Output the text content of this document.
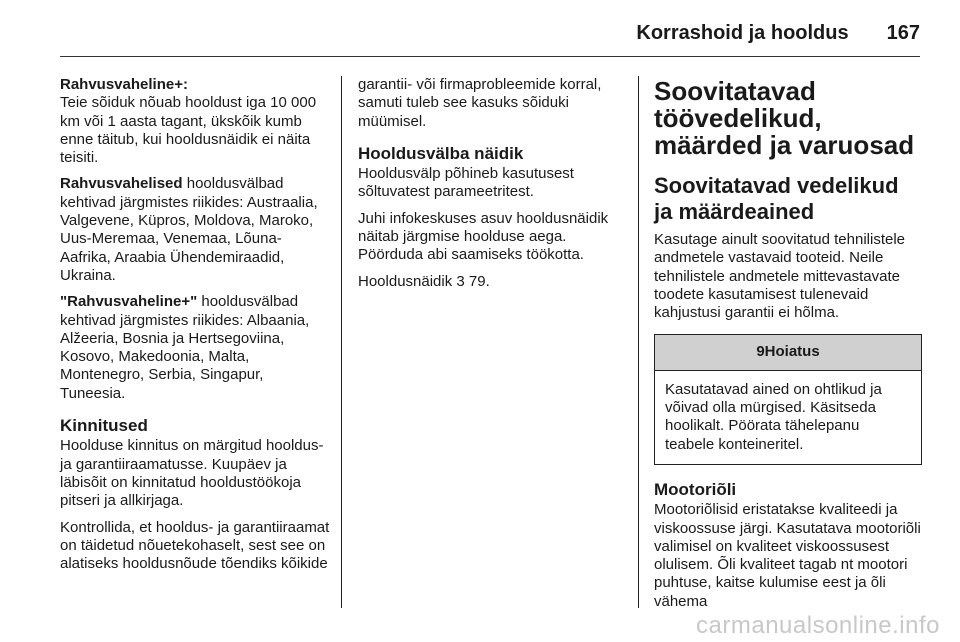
Korrashoid ja hooldus 167

Rahvusvaheline+:
Teie sõiduk nõuab hooldust iga 10 000 km või 1 aasta tagant, ükskõik kumb enne täitub, kui hooldusnäidik ei näita teisiti.

Rahvusvahelised hooldusvälbad kehtivad järgmistes riikides: Austraalia, Valgevene, Küpros, Moldova, Maroko, Uus-Meremaa, Venemaa, Lõuna-Aafrika, Araabia Ühendemiraadid, Ukraina.

"Rahvusvaheline+" hooldusvälbad kehtivad järgmistes riikides: Albaania, Alžeeria, Bosnia ja Hertsegoviina, Kosovo, Makedoonia, Malta, Montenegro, Serbia, Singapur, Tuneesia.

Kinnitused

Hoolduse kinnitus on märgitud hooldus-ja garantiiraamatusse. Kuupäev ja läbisõit on kinnitatud hooldustöökoja pitseri ja allkirjaga.

Kontrollida, et hooldus- ja garantiiraamat on täidetud nõuetekohaselt, sest see on alatiseks hooldusnõude tõendiks kõikide

garantii- või firmaprobleemide korral, samuti tuleb see kasuks sõiduki müümisel.

Hooldusvälba näidik

Hooldusvälp põhineb kasutusest sõltuvatest parameetritest.

Juhi infokeskuses asuv hooldusnäidik näitab järgmise hoolduse aega. Pöörduda abi saamiseks töökotta.

Hooldusnäidik 3 79.

Soovitatavad töövedelikud, määrded ja varuosad
Soovitatavad vedelikud ja määrdeained

Kasutage ainult soovitatud tehnilistele andmetele vastavaid tooteid. Neile tehnilistele andmetele mittevastavate toodete kasutamisest tulenevaid kahjustusi garantii ei hõlma.

9Hoiatus
Kasutatavad ained on ohtlikud ja võivad olla mürgised. Käsitseda hoolikalt. Pöörata tähelepanu teabele konteineritel.
Mootoriõli

Mootoriõlisid eristatakse kvaliteedi ja viskoossuse järgi. Kasutatava mootoriõli valimisel on kvaliteet viskoossusest olulisem. Õli kvaliteet tagab nt mootori puhtuse, kaitse kulumise eest ja õli vähema

carmanualsonline.info
